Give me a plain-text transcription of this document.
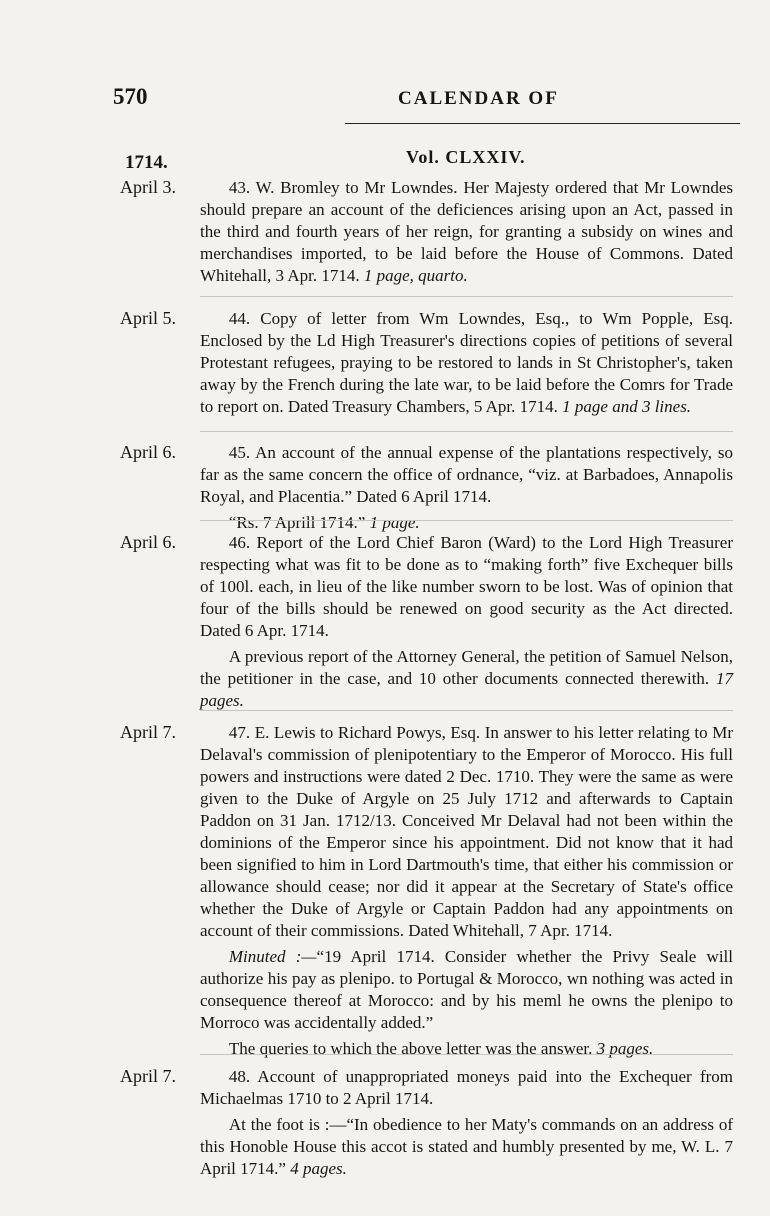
570	CALENDAR OF
1714.	Vol. CLXXIV.
April 3.	43. W. Bromley to Mr Lowndes. Her Majesty ordered that Mr Lowndes should prepare an account of the deficiences arising upon an Act, passed in the third and fourth years of her reign, for granting a subsidy on wines and merchandises imported, to be laid before the House of Commons. Dated Whitehall, 3 Apr. 1714. 1 page, quarto.

April 5.	44. Copy of letter from Wm Lowndes, Esq., to Wm Popple, Esq. Enclosed by the Ld High Treasurer's directions copies of petitions of several Protestant refugees, praying to be restored to lands in St Christopher's, taken away by the French during the late war, to be laid before the Comrs for Trade to report on. Dated Treasury Chambers, 5 Apr. 1714. 1 page and 3 lines.

April 6.	45. An account of the annual expense of the plantations respectively, so far as the same concern the office of ordnance, “viz. at Barbadoes, Annapolis Royal, and Placentia.” Dated 6 April 1714.

“Rs. 7 Aprill 1714.” 1 page.

April 6.	46. Report of the Lord Chief Baron (Ward) to the Lord High Treasurer respecting what was fit to be done as to “making forth” five Exchequer bills of 100l. each, in lieu of the like number sworn to be lost. Was of opinion that four of the bills should be renewed on good security as the Act directed. Dated 6 Apr. 1714.

A previous report of the Attorney General, the petition of Samuel Nelson, the petitioner in the case, and 10 other documents connected therewith. 17 pages.

April 7.	47. E. Lewis to Richard Powys, Esq. In answer to his letter relating to Mr Delaval's commission of plenipotentiary to the Emperor of Morocco. His full powers and instructions were dated 2 Dec. 1710. They were the same as were given to the Duke of Argyle on 25 July 1712 and afterwards to Captain Paddon on 31 Jan. 1712/13. Conceived Mr Delaval had not been within the dominions of the Emperor since his appointment. Did not know that it had been signified to him in Lord Dartmouth's time, that either his commission or allowance should cease; nor did it appear at the Secretary of State's office whether the Duke of Argyle or Captain Paddon had any appointments on account of their commissions. Dated Whitehall, 7 Apr. 1714.

Minuted :—“19 April 1714. Consider whether the Privy Seale will authorize his pay as plenipo. to Portugal & Morocco, wn nothing was acted in consequence thereof at Morocco: and by his meml he owns the plenipo to Morroco was accidentally added.”

The queries to which the above letter was the answer. 3 pages.

April 7.	48. Account of unappropriated moneys paid into the Exchequer from Michaelmas 1710 to 2 April 1714.

At the foot is :—“In obedience to her Maty's commands on an address of this Honoble House this accot is stated and humbly presented by me, W. L. 7 April 1714.” 4 pages.
